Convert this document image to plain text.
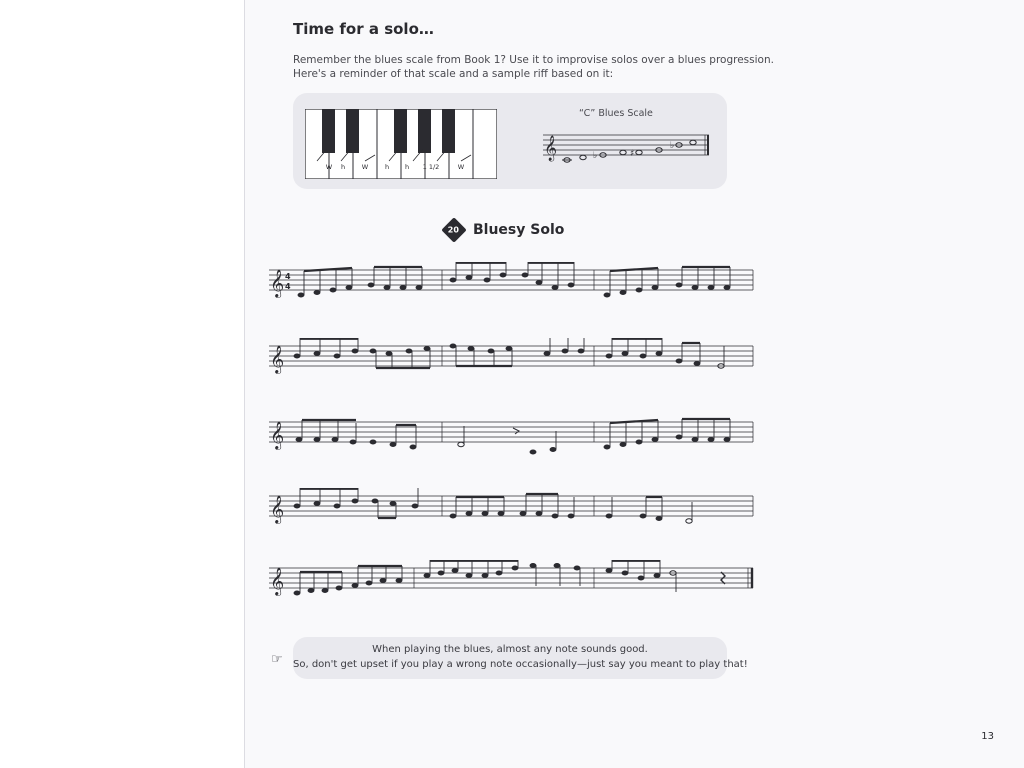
Time for a solo…
Remember the blues scale from Book 1? Use it to improvise solos over a blues progression.
Here's a reminder of that scale and a sample riff based on it:
W h	W	h h 1 1/2	W
“C” Blues Scale
𝄞	♭	♯
♭
20 Bluesy Solo
𝄞 4
4
𝄞
𝄞
𝄞
𝄞
☞
When playing the blues, almost any note sounds good.
So, don't get upset if you play a wrong note occasionally—just say you meant to play that!
13
